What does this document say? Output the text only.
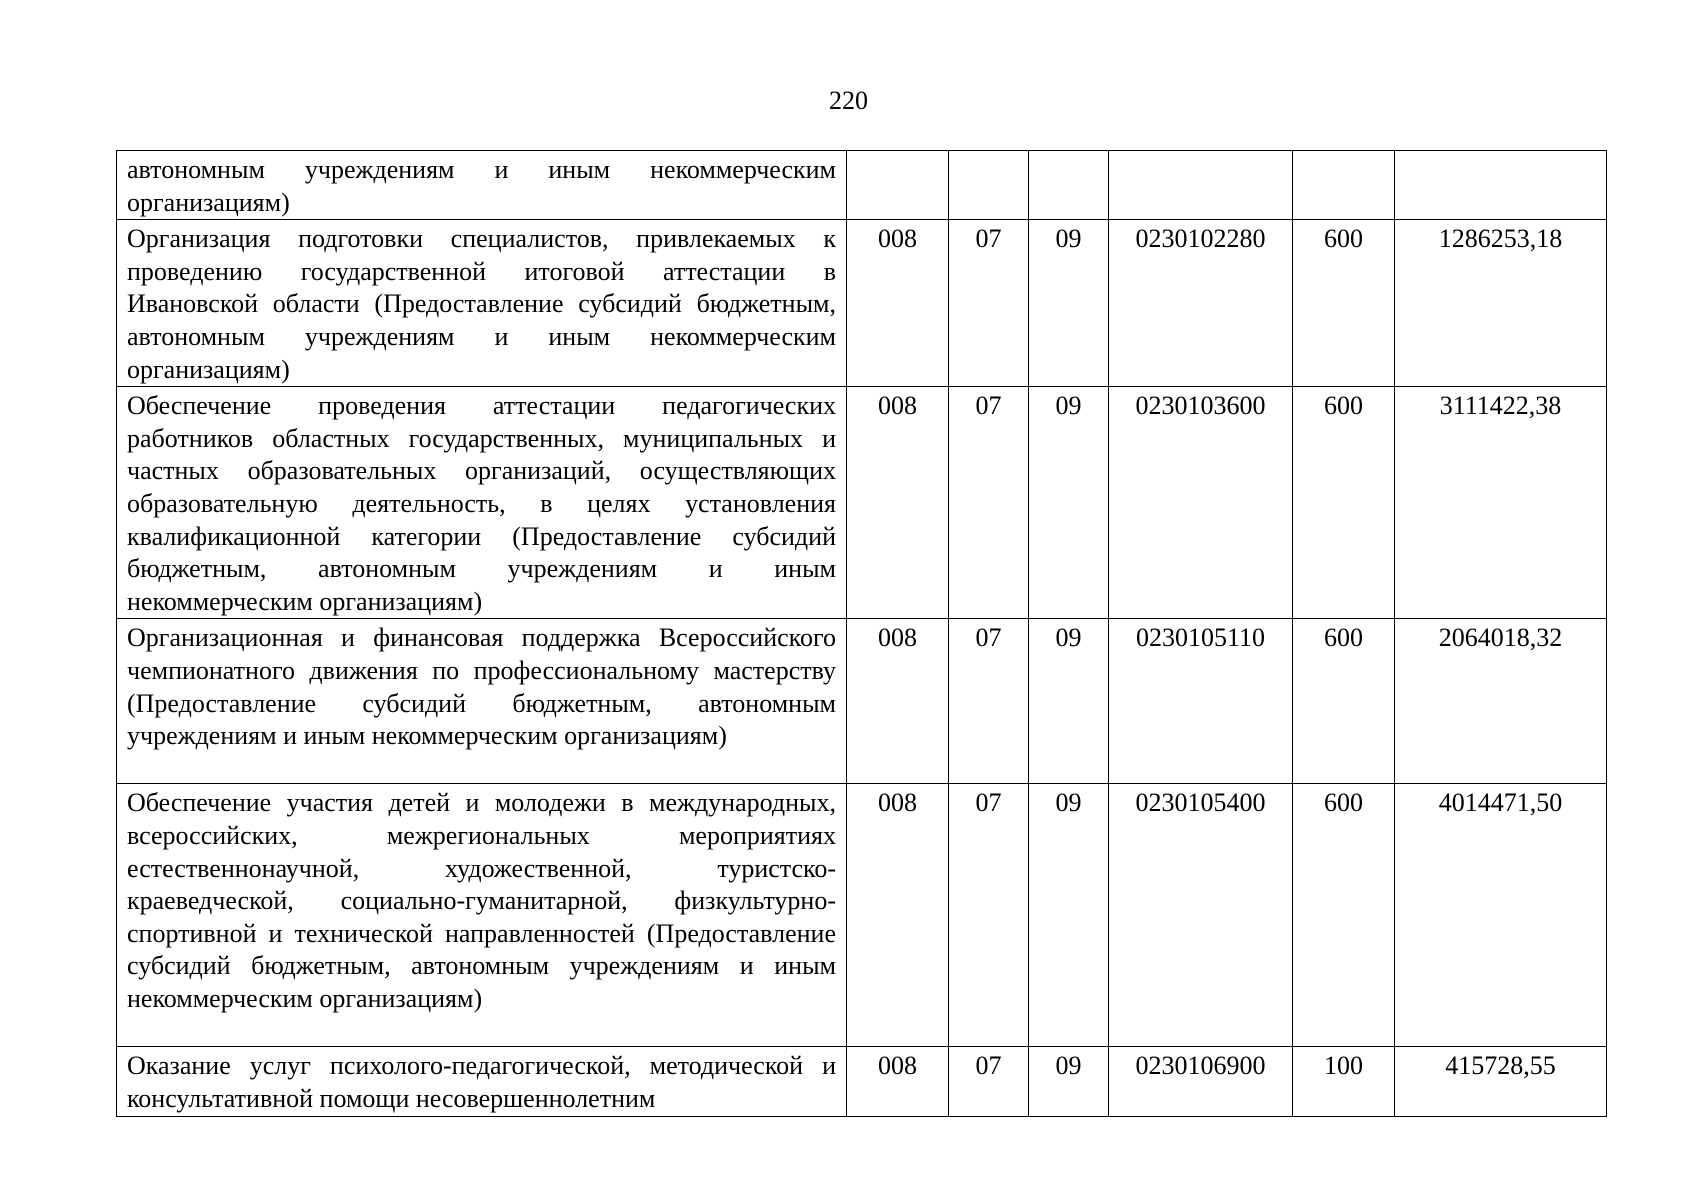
220
автономным учреждениям и иным некоммерческим организациям)						
Организация подготовки специалистов, привлекаемых к проведению государственной итоговой аттестации в Ивановской области (Предоставление субсидий бюджетным, автономным учреждениям и иным некоммерческим организациям)	008	07	09	0230102280	600	1286253,18
Обеспечение проведения аттестации педагогических работников областных государственных, муниципальных и частных образовательных организаций, осуществляющих образовательную деятельность, в целях установления квалификационной категории (Предоставление субсидий бюджетным, автономным учреждениям и иным некоммерческим организациям)	008	07	09	0230103600	600	3111422,38
Организационная и финансовая поддержка Всероссийского чемпионатного движения по профессиональному мастерству (Предоставление субсидий бюджетным, автономным учреждениям и иным некоммерческим организациям)	008	07	09	0230105110	600	2064018,32
Обеспечение участия детей и молодежи в международных, всероссийских, межрегиональных мероприятиях естественнонаучной, художественной, туристско-краеведческой, социально-гуманитарной, физкультурно-спортивной и технической направленностей (Предоставление субсидий бюджетным, автономным учреждениям и иным некоммерческим организациям)	008	07	09	0230105400	600	4014471,50
Оказание услуг психолого-педагогической, методической и консультативной помощи несовершеннолетним	008	07	09	0230106900	100	415728,55
